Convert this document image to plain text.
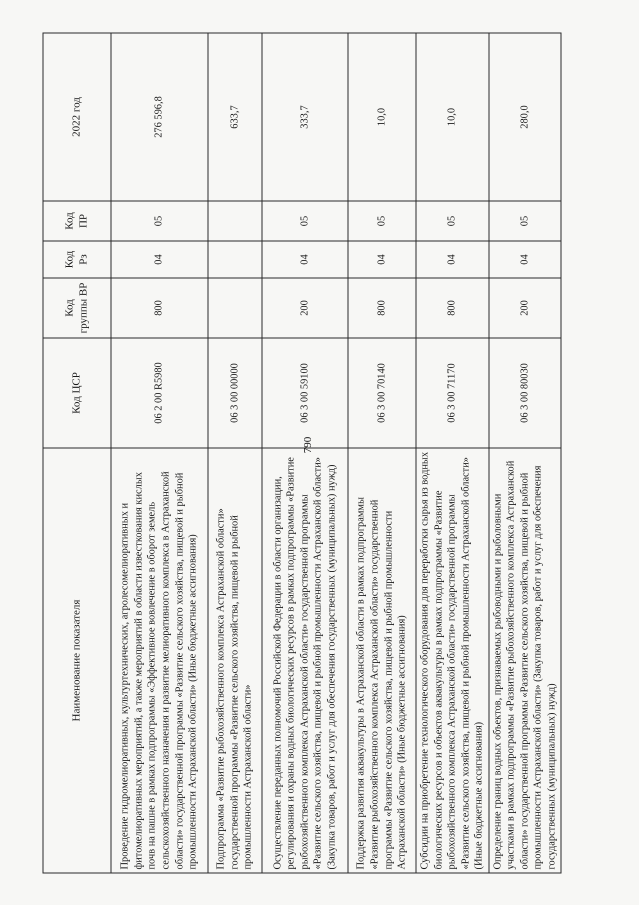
790
Наименование показателя	Код ЦСР	Код группы ВР	Код Рз	Код ПР	2022 год
Проведение гидромелиоративных, культуртехнических, агролесомелиоративных и фитомелиоративных мероприятий, а также мероприятий в области известкования кислых почв на пашне в рамках подпрограммы «Эффективное вовлечение в оборот земель сельскохозяйственного назначения и развитие мелиоративного комплекса в Астраханской области» государственной программы «Развитие сельского хозяйства, пищевой и рыбной промышленности Астраханской области» (Иные бюджетные ассигнования)	06 2 00 R5980	800	04	05	276 596,8
Подпрограмма «Развитие рыбохозяйственного комплекса Астраханской области» государственной программы «Развитие сельского хозяйства, пищевой и рыбной промышленности Астраханской области»	06 3 00 00000				633,7
Осуществление переданных полномочий Российской Федерации в области организации, регулирования и охраны водных биологических ресурсов в рамках подпрограммы «Развитие рыбохозяйственного комплекса Астраханской области» государственной программы «Развитие сельского хозяйства, пищевой и рыбной промышленности Астраханской области» (Закупка товаров, работ и услуг для обеспечения государственных (муниципальных) нужд)	06 3 00 59100	200	04	05	333,7
Поддержка развития аквакультуры в Астраханской области в рамках подпрограммы «Развитие рыбохозяйственного комплекса Астраханской области» государственной программы «Развитие сельского хозяйства, пищевой и рыбной промышленности Астраханской области» (Иные бюджетные ассигнования)	06 3 00 70140	800	04	05	10,0
Субсидии на приобретение технологического оборудования для переработки сырья из водных биологических ресурсов и объектов аквакультуры в рамках подпрограммы «Развитие рыбохозяйственного комплекса Астраханской области» государственной программы «Развитие сельского хозяйства, пищевой и рыбной промышленности Астраханской области» (Иные бюджетные ассигнования)	06 3 00 71170	800	04	05	10,0
Определение границ водных объектов, признаваемых рыбоводными и рыболовными участками в рамках подпрограммы «Развитие рыбохозяйственного комплекса Астраханской области» государственной программы «Развитие сельского хозяйства, пищевой и рыбной промышленности Астраханской области» (Закупка товаров, работ и услуг для обеспечения государственных (муниципальных) нужд)	06 3 00 80030	200	04	05	280,0
